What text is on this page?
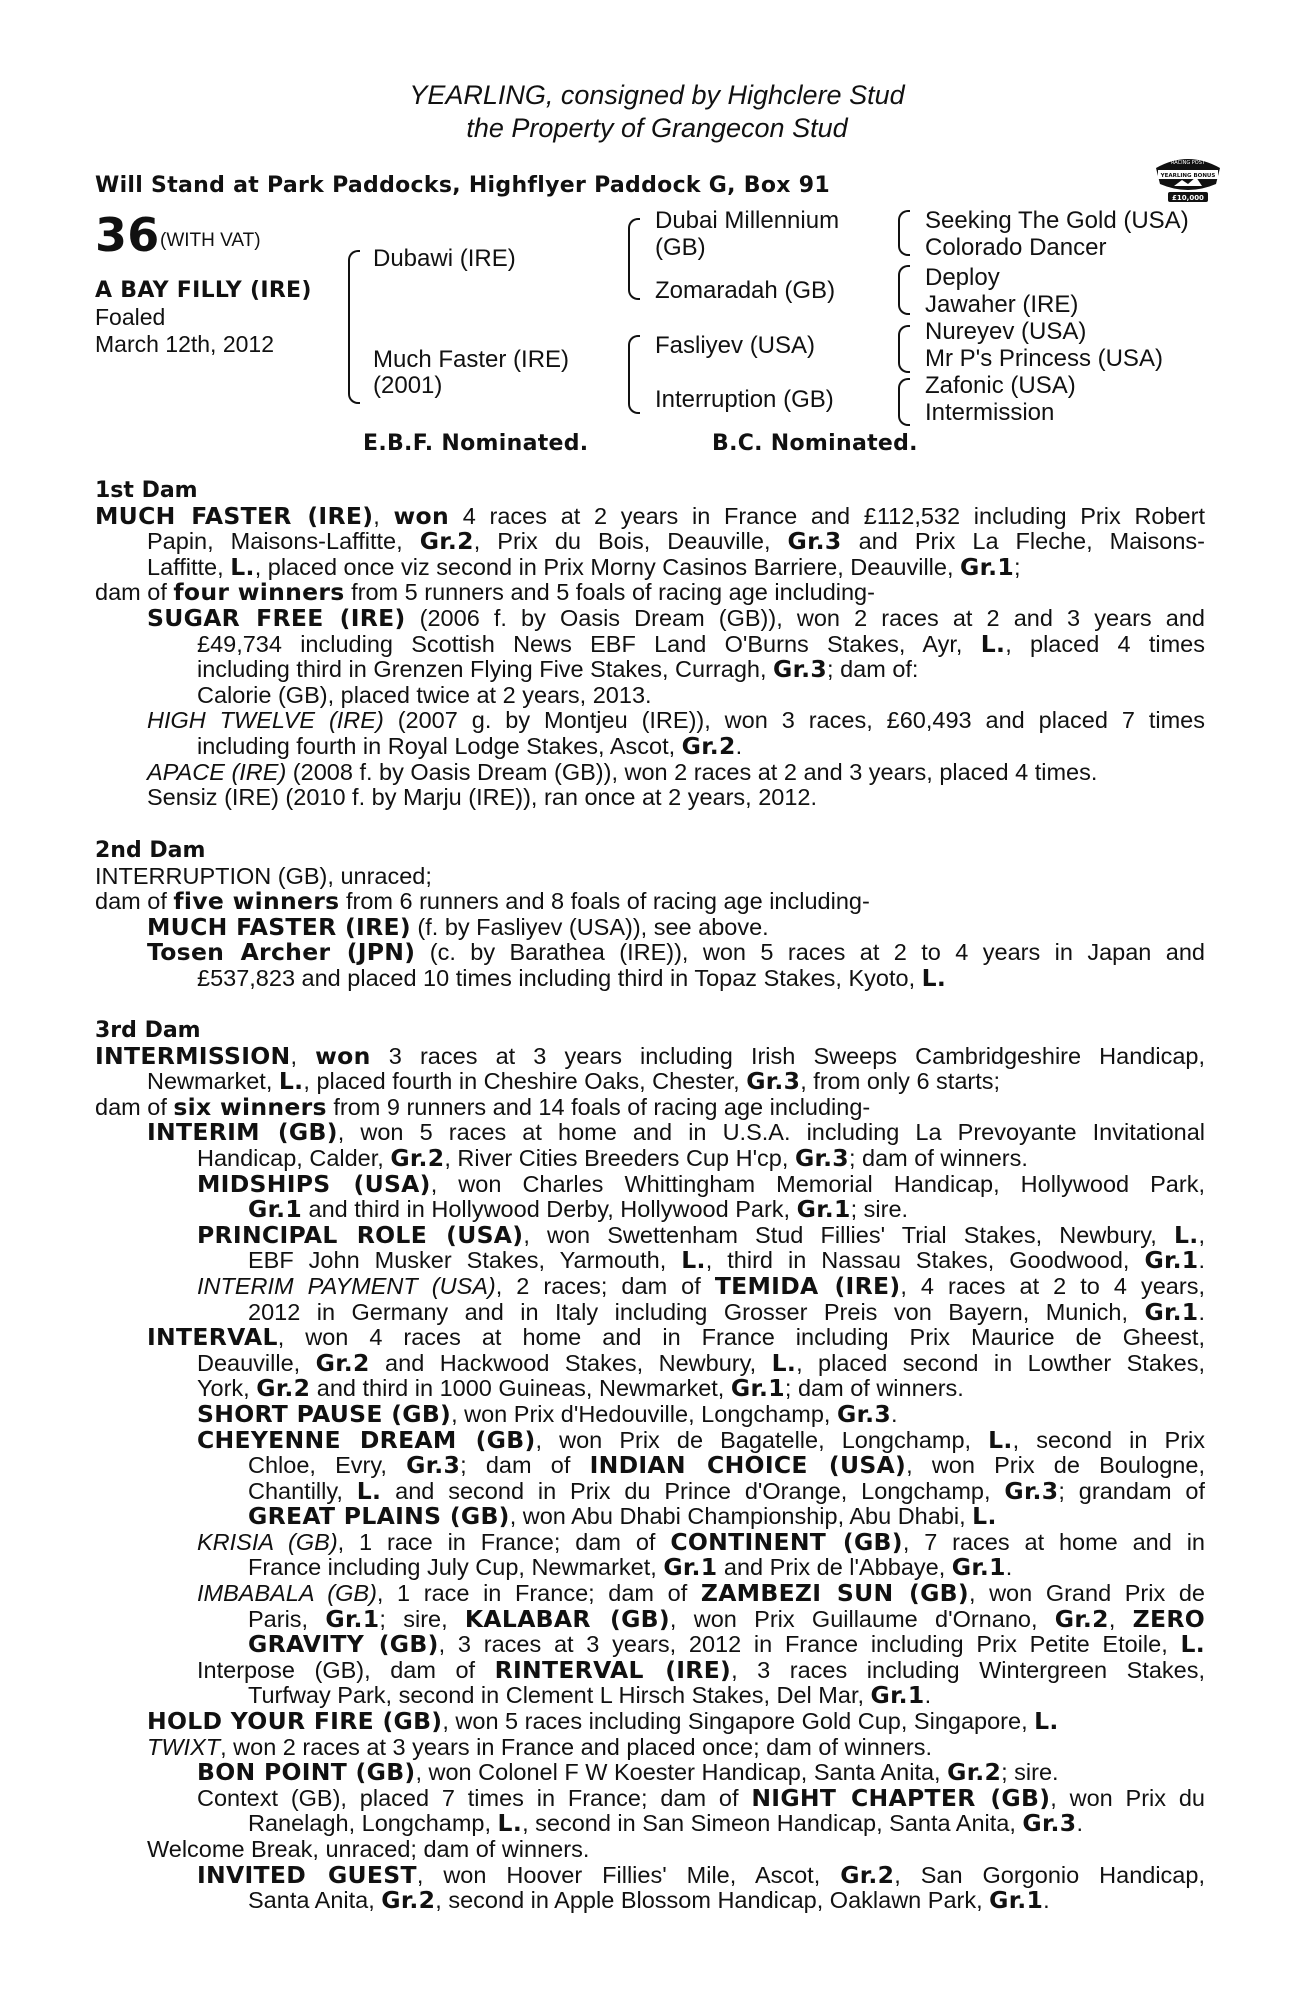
YEARLING, consigned by Highclere Stud
the Property of Grangecon Stud
Will Stand at Park Paddocks, Highflyer Paddock G, Box 91
RACING POST
YEARLING BONUS
£10,000
36 (WITH VAT)
A BAY FILLY (IRE)
Foaled
March 12th, 2012
Dubawi (IRE)
Much Faster (IRE)
(2001)
Dubai Millennium
(GB)
Zomaradah (GB)
Fasliyev (USA)
Interruption (GB)
Seeking The Gold (USA)
Colorado Dancer
Deploy
Jawaher (IRE)
Nureyev (USA)
Mr P's Princess (USA)
Zafonic (USA)
Intermission
E.B.F. Nominated.	B.C. Nominated.
1st Dam
MUCH FASTER (IRE), won 4 races at 2 years in France and £112,532 including Prix Robert
Papin, Maisons-Laffitte, Gr.2, Prix du Bois, Deauville, Gr.3 and Prix La Fleche, Maisons-
Laffitte, L., placed once viz second in Prix Morny Casinos Barriere, Deauville, Gr.1;
dam of four winners from 5 runners and 5 foals of racing age including-
SUGAR FREE (IRE) (2006 f. by Oasis Dream (GB)), won 2 races at 2 and 3 years and
£49,734 including Scottish News EBF Land O'Burns Stakes, Ayr, L., placed 4 times
including third in Grenzen Flying Five Stakes, Curragh, Gr.3; dam of:
Calorie (GB), placed twice at 2 years, 2013.
HIGH TWELVE (IRE) (2007 g. by Montjeu (IRE)), won 3 races, £60,493 and placed 7 times
including fourth in Royal Lodge Stakes, Ascot, Gr.2.
APACE (IRE) (2008 f. by Oasis Dream (GB)), won 2 races at 2 and 3 years, placed 4 times.
Sensiz (IRE) (2010 f. by Marju (IRE)), ran once at 2 years, 2012.
2nd Dam
INTERRUPTION (GB), unraced;
dam of five winners from 6 runners and 8 foals of racing age including-
MUCH FASTER (IRE) (f. by Fasliyev (USA)), see above.
Tosen Archer (JPN) (c. by Barathea (IRE)), won 5 races at 2 to 4 years in Japan and
£537,823 and placed 10 times including third in Topaz Stakes, Kyoto, L.
3rd Dam
INTERMISSION, won 3 races at 3 years including Irish Sweeps Cambridgeshire Handicap,
Newmarket, L., placed fourth in Cheshire Oaks, Chester, Gr.3, from only 6 starts;
dam of six winners from 9 runners and 14 foals of racing age including-
INTERIM (GB), won 5 races at home and in U.S.A. including La Prevoyante Invitational
Handicap, Calder, Gr.2, River Cities Breeders Cup H'cp, Gr.3; dam of winners.
MIDSHIPS (USA), won Charles Whittingham Memorial Handicap, Hollywood Park,
Gr.1 and third in Hollywood Derby, Hollywood Park, Gr.1; sire.
PRINCIPAL ROLE (USA), won Swettenham Stud Fillies' Trial Stakes, Newbury, L.,
EBF John Musker Stakes, Yarmouth, L., third in Nassau Stakes, Goodwood, Gr.1.
INTERIM PAYMENT (USA), 2 races; dam of TEMIDA (IRE), 4 races at 2 to 4 years,
2012 in Germany and in Italy including Grosser Preis von Bayern, Munich, Gr.1.
INTERVAL, won 4 races at home and in France including Prix Maurice de Gheest,
Deauville, Gr.2 and Hackwood Stakes, Newbury, L., placed second in Lowther Stakes,
York, Gr.2 and third in 1000 Guineas, Newmarket, Gr.1; dam of winners.
SHORT PAUSE (GB), won Prix d'Hedouville, Longchamp, Gr.3.
CHEYENNE DREAM (GB), won Prix de Bagatelle, Longchamp, L., second in Prix
Chloe, Evry, Gr.3; dam of INDIAN CHOICE (USA), won Prix de Boulogne,
Chantilly, L. and second in Prix du Prince d'Orange, Longchamp, Gr.3; grandam of
GREAT PLAINS (GB), won Abu Dhabi Championship, Abu Dhabi, L.
KRISIA (GB), 1 race in France; dam of CONTINENT (GB), 7 races at home and in
France including July Cup, Newmarket, Gr.1 and Prix de l'Abbaye, Gr.1.
IMBABALA (GB), 1 race in France; dam of ZAMBEZI SUN (GB), won Grand Prix de
Paris, Gr.1; sire, KALABAR (GB), won Prix Guillaume d'Ornano, Gr.2, ZERO
GRAVITY (GB), 3 races at 3 years, 2012 in France including Prix Petite Etoile, L.
Interpose (GB), dam of RINTERVAL (IRE), 3 races including Wintergreen Stakes,
Turfway Park, second in Clement L Hirsch Stakes, Del Mar, Gr.1.
HOLD YOUR FIRE (GB), won 5 races including Singapore Gold Cup, Singapore, L.
TWIXT, won 2 races at 3 years in France and placed once; dam of winners.
BON POINT (GB), won Colonel F W Koester Handicap, Santa Anita, Gr.2; sire.
Context (GB), placed 7 times in France; dam of NIGHT CHAPTER (GB), won Prix du
Ranelagh, Longchamp, L., second in San Simeon Handicap, Santa Anita, Gr.3.
Welcome Break, unraced; dam of winners.
INVITED GUEST, won Hoover Fillies' Mile, Ascot, Gr.2, San Gorgonio Handicap,
Santa Anita, Gr.2, second in Apple Blossom Handicap, Oaklawn Park, Gr.1.
